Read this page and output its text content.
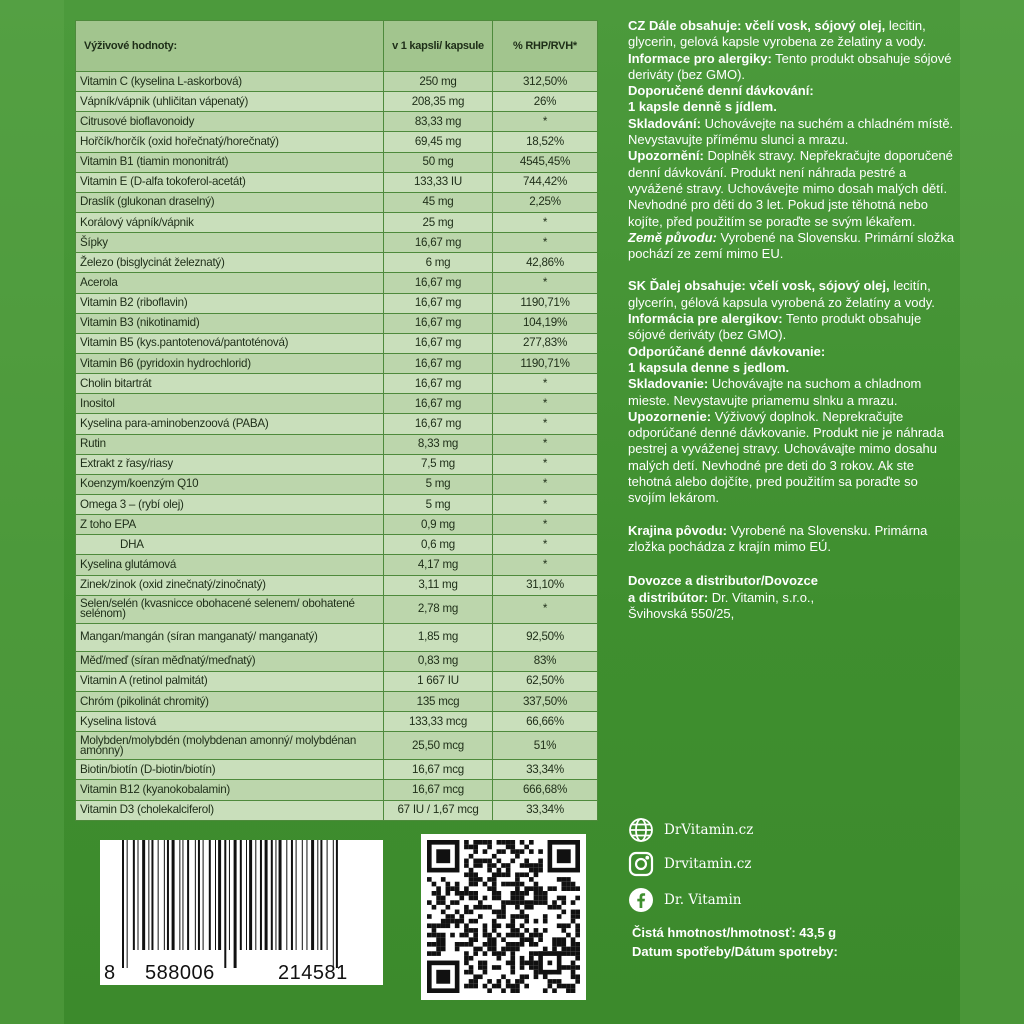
Výživové hodnoty:	v 1 kapsli/ kapsule	% RHP/RVH*
Vitamin C (kyselina L-askorbová)	250 mg	312,50%
Vápník/vápnik (uhličitan vápenatý)	208,35 mg	26%
Citrusové bioflavonoidy	83,33 mg	*
Hořčík/horčík (oxid hořečnatý/horečnatý)	69,45 mg	18,52%
Vitamin B1 (tiamin mononitrát)	50 mg	4545,45%
Vitamin E (D-alfa tokoferol-acetát)	133,33 IU	744,42%
Draslík (glukonan draselný)	45 mg	2,25%
Korálový vápník/vápnik	25 mg	*
Šípky	16,67 mg	*
Železo (bisglycinát železnatý)	6 mg	42,86%
Acerola	16,67 mg	*
Vitamin B2 (riboflavin)	16,67 mg	1190,71%
Vitamin B3 (nikotinamid)	16,67 mg	104,19%
Vitamin B5 (kys.pantotenová/pantoténová)	16,67 mg	277,83%
Vitamin B6 (pyridoxin hydrochlorid)	16,67 mg	1190,71%
Cholin bitartrát	16,67 mg	*
Inositol	16,67 mg	*
Kyselina para-aminobenzoová (PABA)	16,67 mg	*
Rutin	8,33 mg	*
Extrakt z řasy/riasy	7,5 mg	*
Koenzym/koenzým Q10	5 mg	*
Omega 3 – (rybí olej)	5 mg	*
Z toho EPA	0,9 mg	*
DHA	0,6 mg	*
Kyselina glutámová	4,17 mg	*
Zinek/zinok (oxid zinečnatý/zinočnatý)	3,11 mg	31,10%
Selen/selén (kvasnicce obohacené selenem/ obohatené selénom)	2,78 mg	*
Mangan/mangán (síran manganatý/ manganatý)	1,85 mg	92,50%
Měď/meď (síran měďnatý/meďnatý)	0,83 mg	83%
Vitamin A (retinol palmitát)	1 667 IU	62,50%
Chróm (pikolinát chromitý)	135 mcg	337,50%
Kyselina listová	133,33 mcg	66,66%
Molybden/molybdén (molybdenan amonný/ molybdénan amónny)	25,50 mcg	51%
Biotin/biotín (D-biotin/biotín)	16,67 mcg	33,34%
Vitamin B12 (kyanokobalamin)	16,67 mcg	666,68%
Vitamin D3 (cholekalciferol)	67 IU / 1,67 mcg	33,34%

CZ Dále obsahuje: včelí vosk, sójový olej, lecitin, glycerin, gelová kapsle vyrobena ze želatiny a vody.
Informace pro alergiky: Tento produkt obsahuje sójové deriváty (bez GMO).
Doporučené denní dávkování:
1 kapsle denně s jídlem.
Skladování: Uchovávejte na suchém a chladném místě. Nevystavujte přímému slunci a mrazu.
Upozornění: Doplněk stravy. Nepřekračujte doporučené denní dávkování. Produkt není náhrada pestré a vyvážené stravy. Uchovávejte mimo dosah malých dětí. Nevhodné pro děti do 3 let. Pokud jste těhotná nebo kojíte, před použitím se poraďte se svým lékařem.
Země původu: Vyrobené na Slovensku. Primární složka pochází ze zemí mimo EU.

SK Ďalej obsahuje: včelí vosk, sójový olej, lecitín, glycerín, gélová kapsula vyrobená zo želatíny a vody.
Informácia pre alergikov: Tento produkt obsahuje sójové deriváty (bez GMO).
Odporúčané denné dávkovanie:
1 kapsula denne s jedlom.
Skladovanie: Uchovávajte na suchom a chladnom mieste. Nevystavujte priamemu slnku a mrazu.
Upozornenie: Výživový doplnok. Neprekračujte odporúčané denné dávkovanie. Produkt nie je náhrada pestrej a vyváženej stravy. Uchovávajte mimo dosahu malých detí. Nevhodné pre deti do 3 rokov. Ak ste tehotná alebo dojčíte, pred použitím sa poraďte so svojím lekárom.

Krajina pôvodu: Vyrobené na Slovensku. Primárna zložka pochádza z krajín mimo EÚ.

Dovozce a distributor/Dovozce
a distribútor: Dr. Vitamin, s.r.o.,
Švihovská 550/25,

DrVitamin.cz
Drvitamin.cz
Dr. Vitamin
Čistá hmotnost/hmotnosť: 43,5 g
Datum spotřeby/Dátum spotreby:
8 588006	214581
